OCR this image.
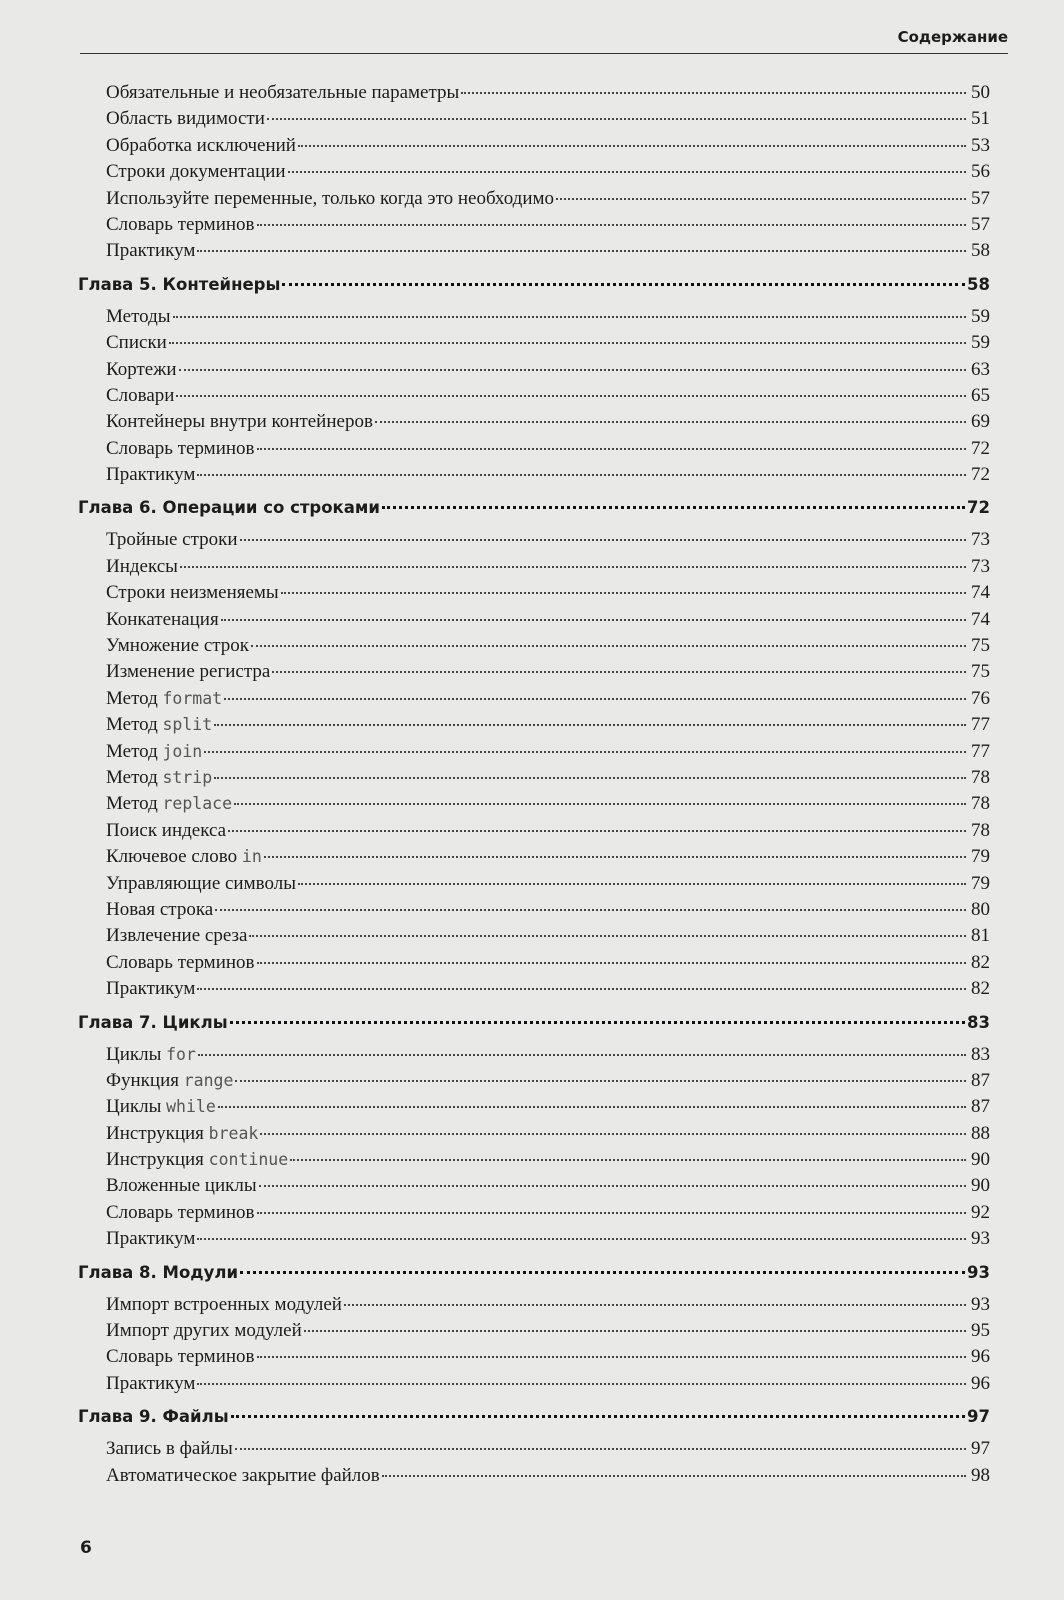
Содержание
Обязательные и необязательные параметры	50
Область видимости	51
Обработка исключений	53
Строки документации	56
Используйте переменные, только когда это необходимо	57
Словарь терминов	57
Практикум	58
Глава 5. Контейнеры	58
Методы	59
Списки	59
Кортежи	63
Словари	65
Контейнеры внутри контейнеров	69
Словарь терминов	72
Практикум	72
Глава 6. Операции со строками	72
Тройные строки	73
Индексы	73
Строки неизменяемы	74
Конкатенация	74
Умножение строк	75
Изменение регистра	75
Метод format	76
Метод split	77
Метод join	77
Метод strip	78
Метод replace	78
Поиск индекса	78
Ключевое слово in	79
Управляющие символы	79
Новая строка	80
Извлечение среза	81
Словарь терминов	82
Практикум	82
Глава 7. Циклы	83
Циклы for	83
Функция range	87
Циклы while	87
Инструкция break	88
Инструкция continue	90
Вложенные циклы	90
Словарь терминов	92
Практикум	93
Глава 8. Модули	93
Импорт встроенных модулей	93
Импорт других модулей	95
Словарь терминов	96
Практикум	96
Глава 9. Файлы	97
Запись в файлы	97
Автоматическое закрытие файлов	98
6
